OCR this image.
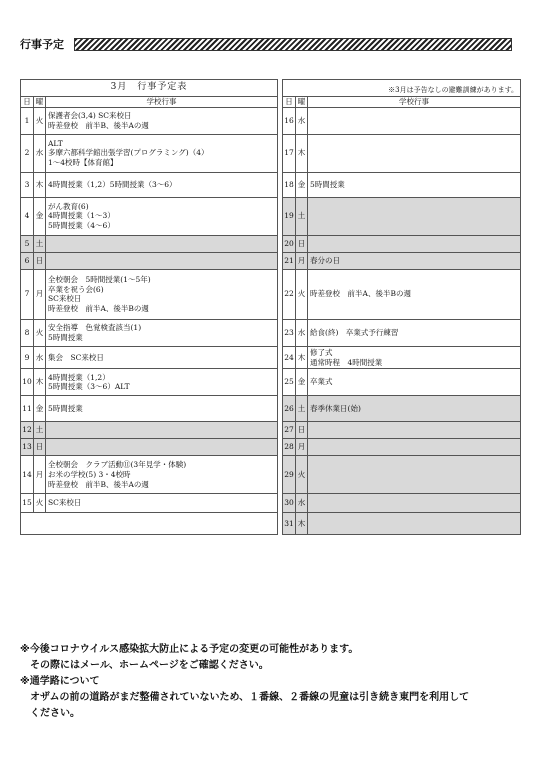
行事予定
3月　行事予定表				※3月は予告なしの避難訓練があります。		
日	曜	学校行事		日	曜	学校行事
1	火	保護者会(3,4) SC来校日
時差登校　前半B、後半Aの週		16	水	

2	水	ALT
多摩六都科学館出張学習(プログラミング)（4）
1～4校時【体育館】		17	木	

3	木	4時間授業（1,2）5時間授業（3～6）		18	金	5時間授業

4	金	がん教育(6)
4時間授業（1～3）
5時間授業（4～6）		19	土	

5	土			20	日	

6	日			21	月	春分の日

7	月	全校朝会　5時間授業(1～5年)
卒業を祝う会(6)
SC来校日
時差登校　前半A、後半Bの週		22	火	時差登校　前半A、後半Bの週

8	火	安全指導　色覚検査該当(1)
5時間授業		23	水	給食(終)　卒業式予行練習

9	水	集会　SC来校日		24	木	修了式
通常時程　4時間授業

10	木	4時間授業（1,2）
5時間授業（3～6）ALT		25	金	卒業式

11	金	5時間授業		26	土	春季休業日(始)

12	土			27	日	

13	日			28	月	

14	月	全校朝会　クラブ活動⑪(3年見学・体験)
お米の学校(5) 3・4校時
時差登校　前半B、後半Aの週		29	火	

15	火	SC来校日		30	水	

				31	木	
※今後コロナウイルス感染拡大防止による予定の変更の可能性があります。
その際にはメール、ホームページをご確認ください。
※通学路について
オザムの前の道路がまだ整備されていないため、１番線、２番線の児童は引き続き東門を利用して
ください。
